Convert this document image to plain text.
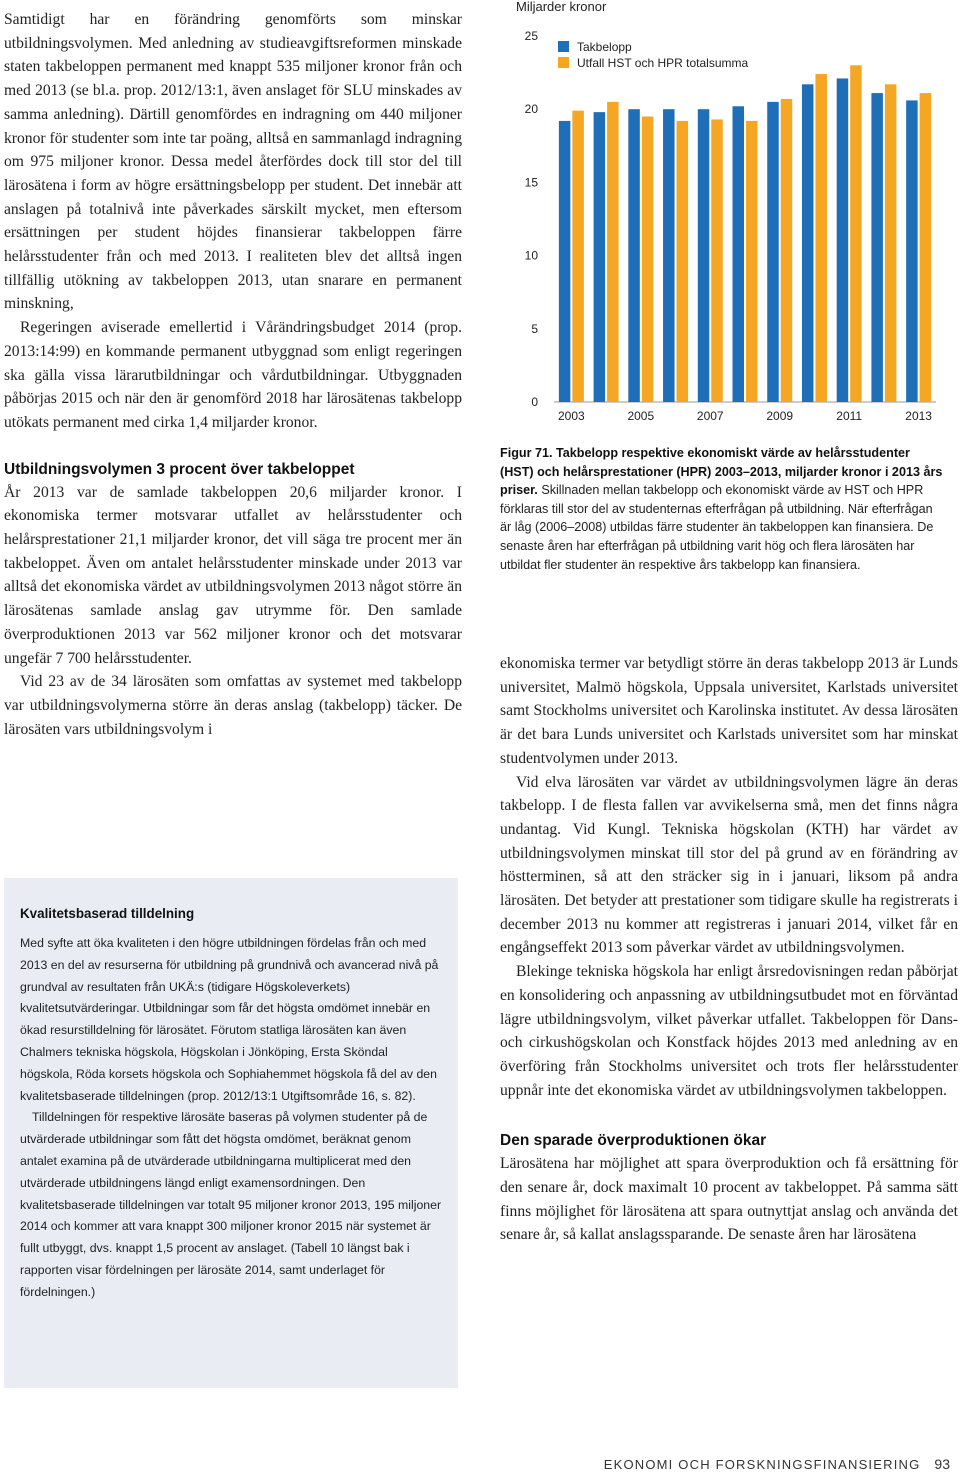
Samtidigt har en förändring genomförts som minskar utbildningsvolymen. Med anledning av studieavgiftsreformen minskade staten takbeloppen permanent med knappt 535 miljoner kronor från och med 2013 (se bl.a. prop. 2012/13:1, även anslaget för SLU minskades av samma anledning). Därtill genomfördes en indragning om 440 miljoner kronor för studenter som inte tar poäng, alltså en sammanlagd indragning om 975 miljoner kronor. Dessa medel återfördes dock till stor del till lärosätena i form av högre ersättningsbelopp per student. Det innebär att anslagen på totalnivå inte påverkades särskilt mycket, men eftersom ersättningen per student höjdes finansierar takbeloppen färre helårsstudenter från och med 2013. I realiteten blev det alltså ingen tillfällig utökning av takbeloppen 2013, utan snarare en permanent minskning,

Regeringen aviserade emellertid i Vårändringsbudget 2014 (prop. 2013:14:99) en kommande permanent utbyggnad som enligt regeringen ska gälla vissa lärarutbildningar och vårdutbildningar. Utbyggnaden påbörjas 2015 och när den är genomförd 2018 har lärosätenas takbelopp utökats permanent med cirka 1,4 miljarder kronor.

Utbildningsvolymen 3 procent över takbeloppet

År 2013 var de samlade takbeloppen 20,6 miljarder kronor. I ekonomiska termer motsvarar utfallet av helårsstudenter och helårsprestationer 21,1 miljarder kronor, det vill säga tre procent mer än takbeloppet. Även om antalet helårsstudenter minskade under 2013 var alltså det ekonomiska värdet av utbildningsvolymen 2013 något större än lärosätenas samlade anslag gav utrymme för. Den samlade överproduktionen 2013 var 562 miljoner kronor och det motsvarar ungefär 7 700 helårsstudenter.

Vid 23 av de 34 lärosäten som omfattas av systemet med takbelopp var utbildningsvolymerna större än deras anslag (takbelopp) täcker. De lärosäten vars utbildningsvolym i

Kvalitetsbaserad tilldelning

Med syfte att öka kvaliteten i den högre utbildningen fördelas från och med 2013 en del av resurserna för utbildning på grundnivå och avancerad nivå på grundval av resultaten från UKÄ:s (tidigare Högskoleverkets) kvalitetsutvärderingar. Utbildningar som får det högsta omdömet innebär en ökad resurstilldelning för lärosätet. Förutom statliga lärosäten kan även Chalmers tekniska högskola, Högskolan i Jönköping, Ersta Sköndal högskola, Röda korsets högskola och Sophiahemmet högskola få del av den kvalitetsbaserade tilldelningen (prop. 2012/13:1 Utgiftsområde 16, s. 82).

Tilldelningen för respektive lärosäte baseras på volymen studenter på de utvärderade utbildningar som fått det högsta omdömet, beräknat genom antalet examina på de utvärderade utbildningarna multiplicerat med den utvärderade utbildningens längd enligt examensordningen. Den kvalitetsbaserade tilldelningen var totalt 95 miljoner kronor 2013, 195 miljoner 2014 och kommer att vara knappt 300 miljoner kronor 2015 när systemet är fullt utbyggt, dvs. knappt 1,5 procent av anslaget. (Tabell 10 längst bak i rapporten visar fördelningen per lärosäte 2014, samt underlaget för fördelningen.)

Miljarder kronor
0
5
10
15
20
25
2003	2005	2007	2009	2011	2013
Takbelopp
Utfall HST och HPR totalsumma
Figur 71. Takbelopp respektive ekonomiskt värde av helårsstudenter (HST) och helårsprestationer (HPR) 2003–2013, miljarder kronor i 2013 års priser. Skillnaden mellan takbelopp och ekonomiskt värde av HST och HPR förklaras till stor del av studenternas efterfrågan på utbildning. När efterfrågan är låg (2006–2008) utbildas färre studenter än takbeloppen kan finansiera. De senaste åren har efterfrågan på utbildning varit hög och flera lärosäten har utbildat fler studenter än respektive års takbelopp kan finansiera.

ekonomiska termer var betydligt större än deras takbelopp 2013 är Lunds universitet, Malmö högskola, Uppsala universitet, Karlstads universitet samt Stockholms universitet och Karolinska institutet. Av dessa lärosäten är det bara Lunds universitet och Karlstads universitet som har minskat studentvolymen under 2013.

Vid elva lärosäten var värdet av utbildningsvolymen lägre än deras takbelopp. I de flesta fallen var avvikelserna små, men det finns några undantag. Vid Kungl. Tekniska högskolan (KTH) har värdet av utbildningsvolymen minskat till stor del på grund av en förändring av höstterminen, så att den sträcker sig in i januari, liksom på andra lärosäten. Det betyder att prestationer som tidigare skulle ha registrerats i december 2013 nu kommer att registreras i januari 2014, vilket får en engångseffekt 2013 som påverkar värdet av utbildningsvolymen.

Blekinge tekniska högskola har enligt årsredovisningen redan påbörjat en konsolidering och anpassning av utbildningsutbudet mot en förväntad lägre utbildningsvolym, vilket påverkar utfallet. Takbeloppen för Dans- och cirkushögskolan och Konstfack höjdes 2013 med anledning av en överföring från Stockholms universitet och trots fler helårsstudenter uppnår inte det ekonomiska värdet av utbildningsvolymen takbeloppen.

Den sparade överproduktionen ökar

Lärosätena har möjlighet att spara överproduktion och få ersättning för den senare år, dock maximalt 10 procent av takbeloppet. På samma sätt finns möjlighet för lärosätena att spara outnyttjat anslag och använda det senare år, så kallat anslagssparande. De senaste åren har lärosätena

EKONOMI OCH FORSKNINGSFINANSIERING 93
